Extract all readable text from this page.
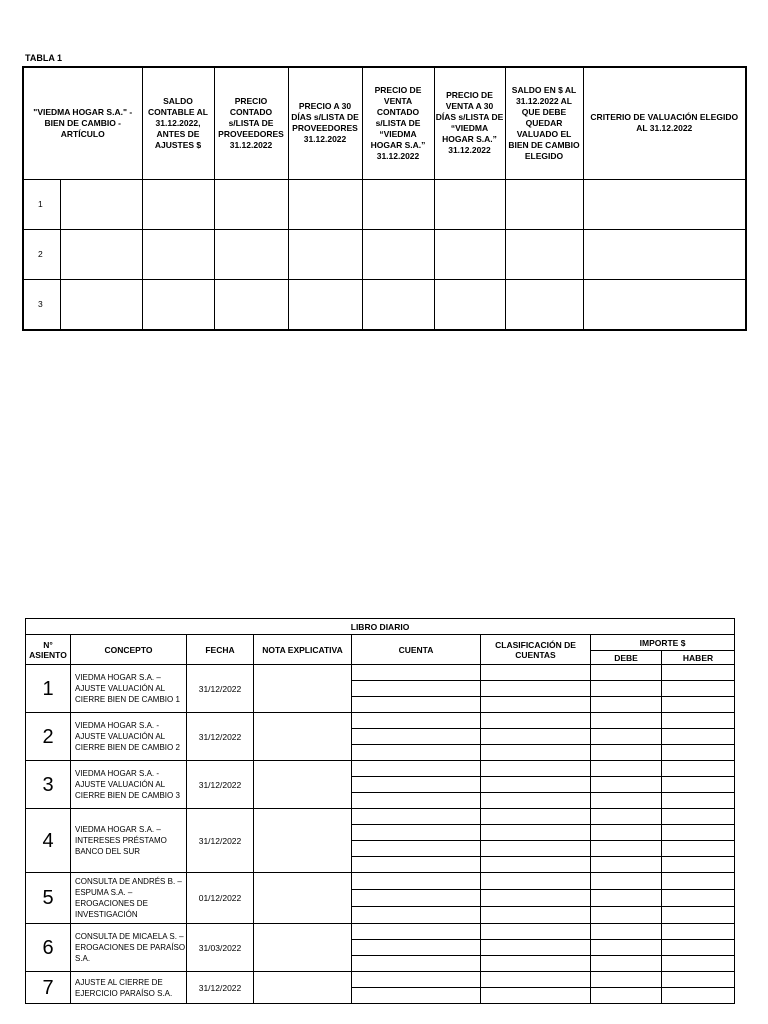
TABLA 1
"VIEDMA HOGAR S.A." - BIEN DE CAMBIO - ARTÍCULO		SALDO CONTABLE AL 31.12.2022, ANTES DE AJUSTES $	PRECIO CONTADO s/LISTA DE PROVEEDORES 31.12.2022	PRECIO A 30 DÍAS s/LISTA DE PROVEEDORES 31.12.2022	PRECIO DE VENTA CONTADO s/LISTA DE “VIEDMA HOGAR S.A.” 31.12.2022	PRECIO DE VENTA A 30 DÍAS s/LISTA DE “VIEDMA HOGAR S.A.” 31.12.2022	SALDO EN $ AL 31.12.2022 AL QUE DEBE QUEDAR VALUADO EL BIEN DE CAMBIO ELEGIDO	CRITERIO DE VALUACIÓN ELEGIDO AL 31.12.2022
1								
2								
3								
LIBRO DIARIO							
N° ASIENTO	CONCEPTO	FECHA	NOTA EXPLICATIVA	CUENTA	CLASIFICACIÓN DE CUENTAS	IMPORTE $	
						DEBE	HABER
1	VIEDMA HOGAR S.A. – AJUSTE VALUACIÓN AL CIERRE BIEN DE CAMBIO 1	31/12/2022					

2	VIEDMA HOGAR S.A. - AJUSTE VALUACIÓN AL CIERRE BIEN DE CAMBIO 2	31/12/2022					

3	VIEDMA HOGAR S.A. - AJUSTE VALUACIÓN AL CIERRE BIEN DE CAMBIO 3	31/12/2022					

4	VIEDMA HOGAR S.A. – INTERESES PRÉSTAMO BANCO DEL SUR	31/12/2022					

5	CONSULTA DE ANDRÉS B. – ESPUMA S.A. – EROGACIONES DE INVESTIGACIÓN	01/12/2022					

6	CONSULTA DE MICAELA S. – EROGACIONES DE PARAÍSO S.A.	31/03/2022					

7	AJUSTE AL CIERRE DE EJERCICIO PARAÍSO S.A.	31/12/2022					
